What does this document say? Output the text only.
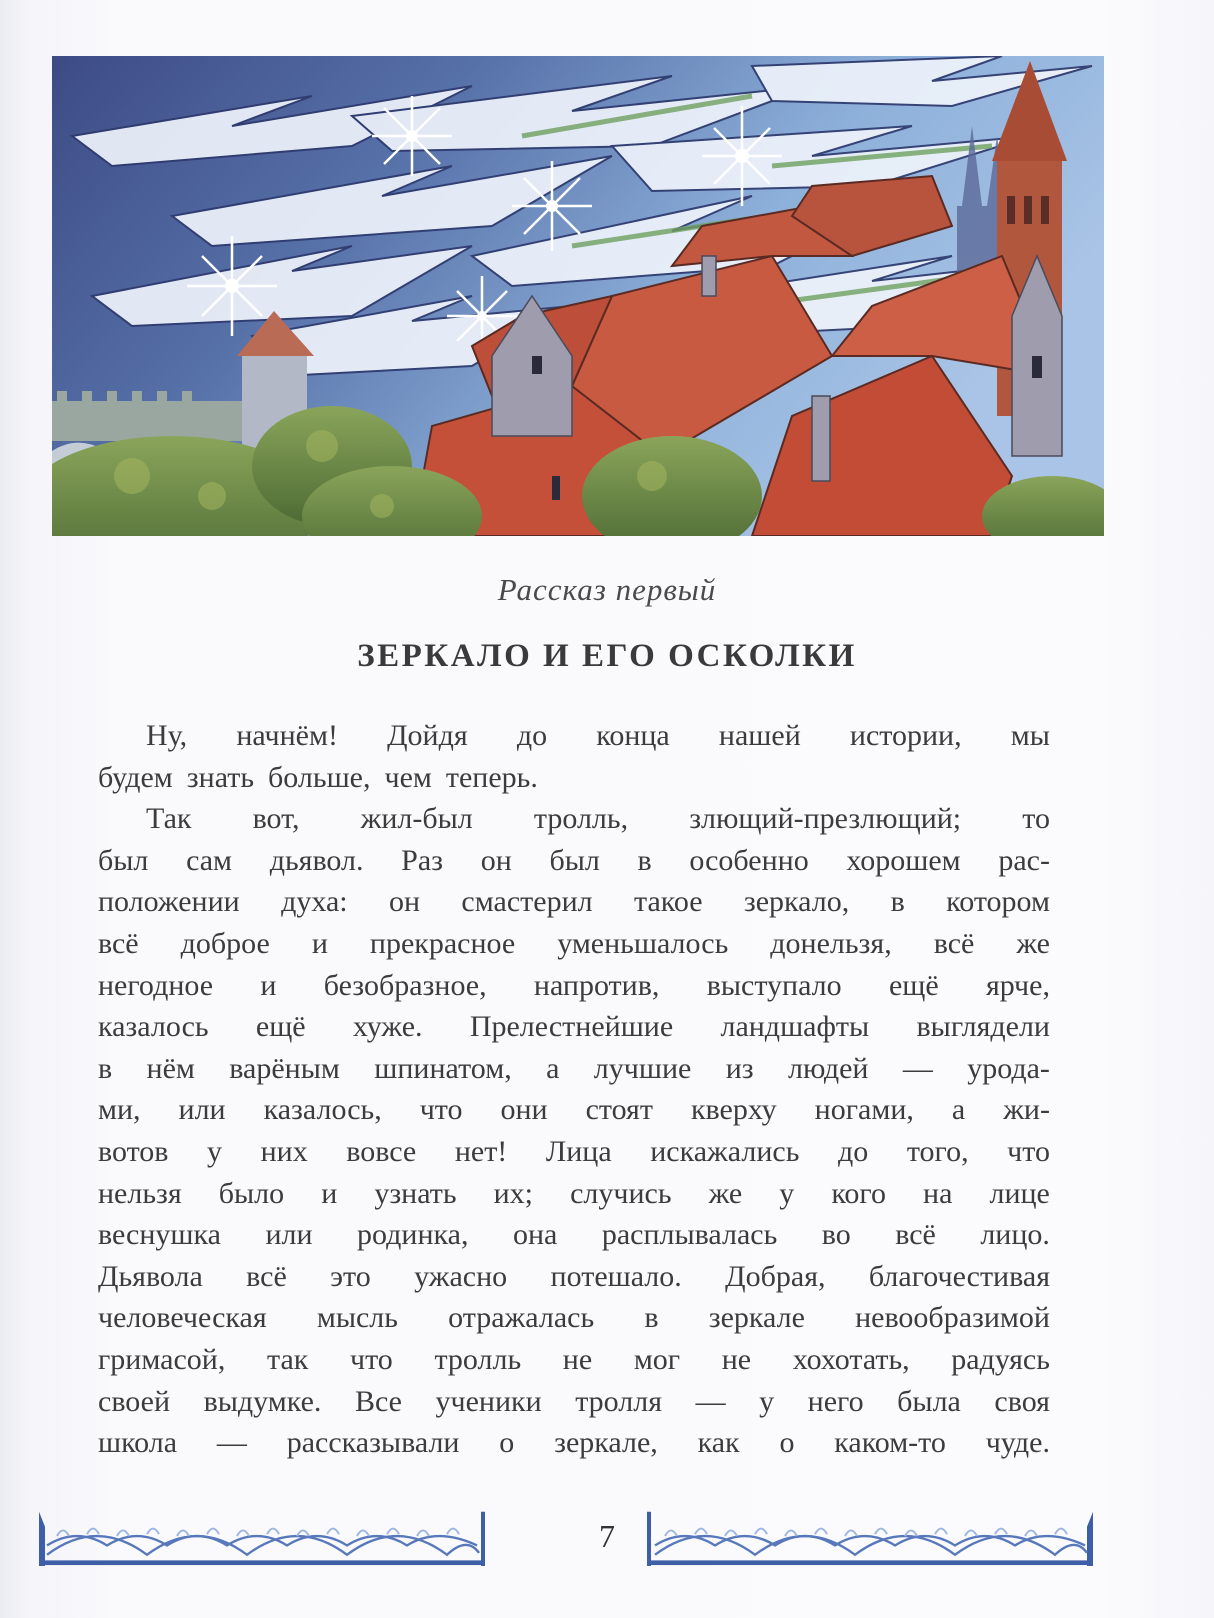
Рассказ первый
ЗЕРКАЛО И ЕГО ОСКОЛКИ
Ну, начнём! Дойдя до конца нашей истории, мы
будем знать больше, чем теперь.
Так вот, жил-был тролль, злющий-презлющий; то
был сам дьявол. Раз он был в особенно хорошем рас-
положении духа: он смастерил такое зеркало, в котором
всё доброе и прекрасное уменьшалось донельзя, всё же
негодное и безобразное, напротив, выступало ещё ярче,
казалось ещё хуже. Прелестнейшие ландшафты выглядели
в нём варёным шпинатом, а лучшие из людей — урода-
ми, или казалось, что они стоят кверху ногами, а жи-
вотов у них вовсе нет! Лица искажались до того, что
нельзя было и узнать их; случись же у кого на лице
веснушка или родинка, она расплывалась во всё лицо.
Дьявола всё это ужасно потешало. Добрая, благочестивая
человеческая мысль отражалась в зеркале невообразимой
гримасой, так что тролль не мог не хохотать, радуясь
своей выдумке. Все ученики тролля — у него была своя
школа — рассказывали о зеркале, как о каком-то чуде.
7
